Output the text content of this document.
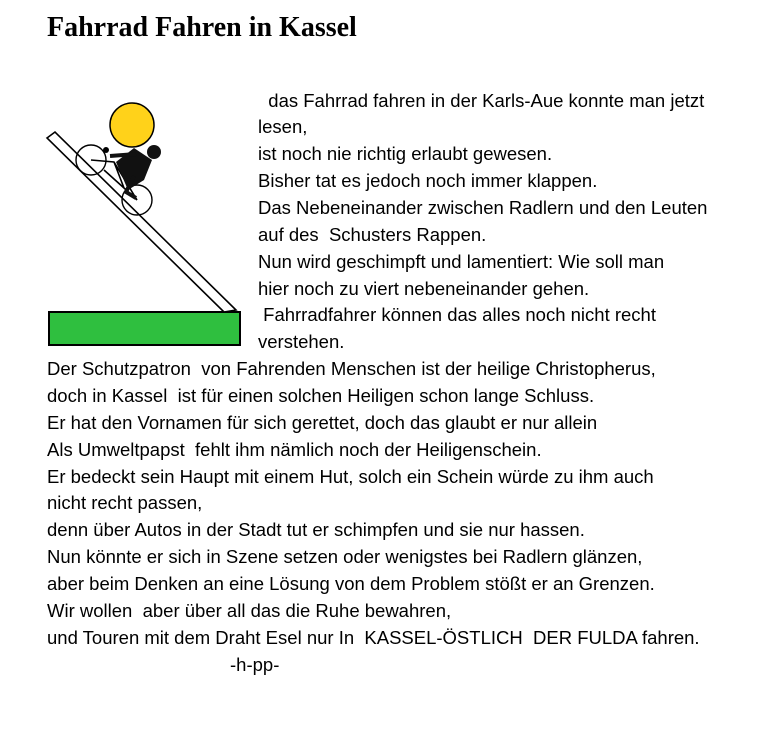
Fahrrad Fahren in Kassel
das Fahrrad fahren in der Karls-Aue konnte man jetzt
lesen,
ist noch nie richtig erlaubt gewesen.
Bisher tat es jedoch noch immer klappen.
Das Nebeneinander zwischen Radlern und den Leuten
auf des  Schusters Rappen.
Nun wird geschimpft und lamentiert: Wie soll man
hier noch zu viert nebeneinander gehen.
Fahrradfahrer können das alles noch nicht recht
verstehen.
Der Schutzpatron  von Fahrenden Menschen ist der heilige Christopherus,
doch in Kassel  ist für einen solchen Heiligen schon lange Schluss.
Er hat den Vornamen für sich gerettet, doch das glaubt er nur allein
Als Umweltpapst  fehlt ihm nämlich noch der Heiligenschein.
Er bedeckt sein Haupt mit einem Hut, solch ein Schein würde zu ihm auch
nicht recht passen,
denn über Autos in der Stadt tut er schimpfen und sie nur hassen.
Nun könnte er sich in Szene setzen oder wenigstes bei Radlern glänzen,
aber beim Denken an eine Lösung von dem Problem stößt er an Grenzen.
Wir wollen  aber über all das die Ruhe bewahren,
und Touren mit dem Draht Esel nur In  KASSEL-ÖSTLICH  DER FULDA fahren.
-h-pp-
